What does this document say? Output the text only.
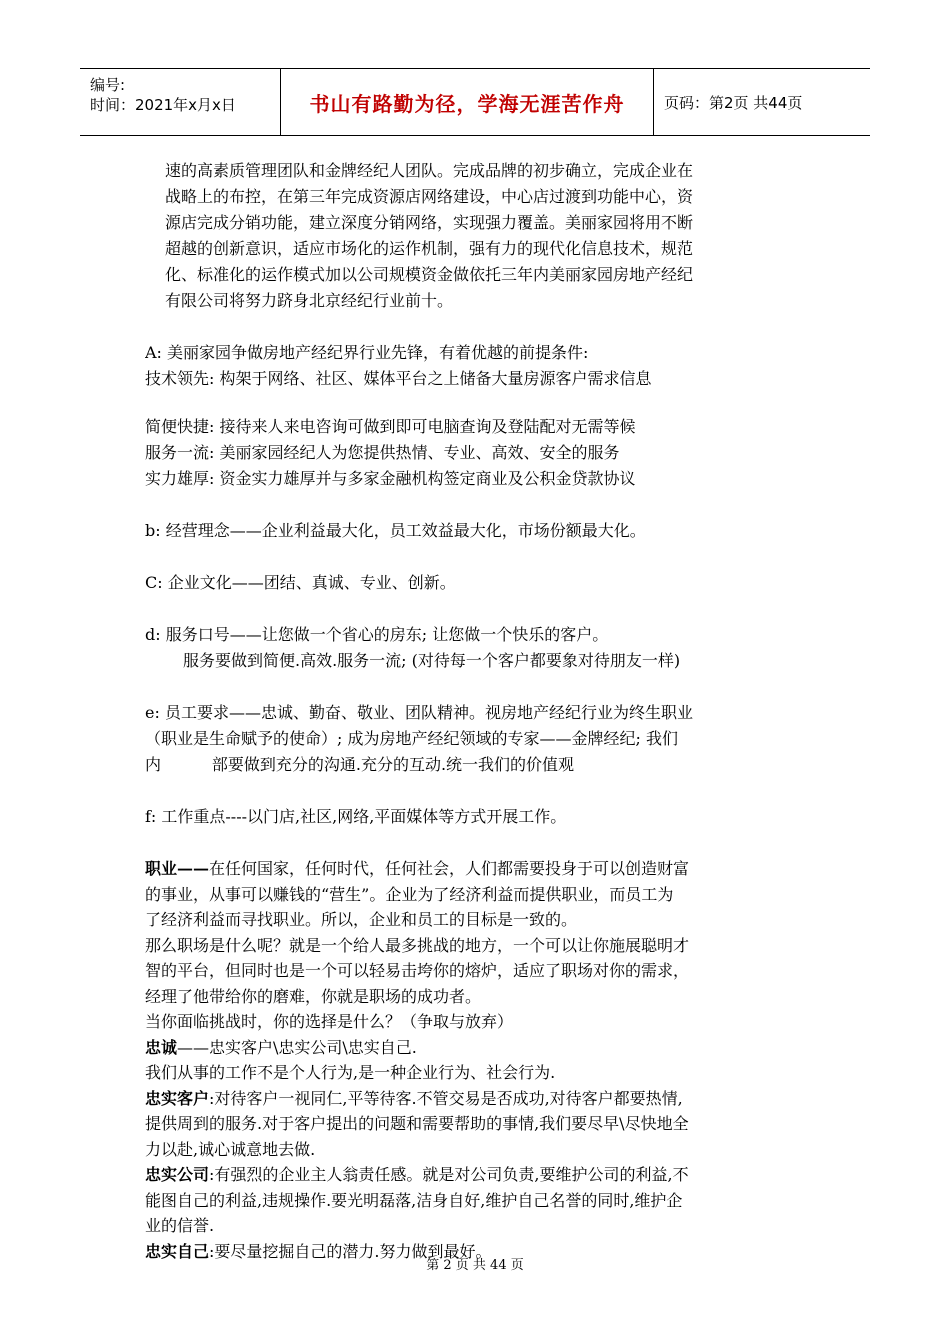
编号:
时间：2021年x月x日	书山有路勤为径，学海无涯苦作舟	页码：第2页 共44页

速的高素质管理团队和金牌经纪人团队。完成品牌的初步确立，完成企业在

战略上的布控，在第三年完成资源店网络建设，中心店过渡到功能中心，资

源店完成分销功能，建立深度分销网络，实现强力覆盖。美丽家园将用不断

超越的创新意识，适应市场化的运作机制，强有力的现代化信息技术，规范

化、标准化的运作模式加以公司规模资金做依托三年内美丽家园房地产经纪

有限公司将努力跻身北京经纪行业前十。

A: 美丽家园争做房地产经纪界行业先锋，有着优越的前提条件:

技术领先: 构架于网络、社区、媒体平台之上储备大量房源客户需求信息

简便快捷: 接待来人来电咨询可做到即可电脑查询及登陆配对无需等候

服务一流: 美丽家园经纪人为您提供热情、专业、高效、安全的服务

实力雄厚: 资金实力雄厚并与多家金融机构签定商业及公积金贷款协议

b: 经营理念——企业利益最大化，员工效益最大化，市场份额最大化。

C: 企业文化——团结、真诚、专业、创新。

d: 服务口号——让您做一个省心的房东; 让您做一个快乐的客户。

服务要做到简便.高效.服务一流; (对待每一个客户都要象对待朋友一样)

e: 员工要求——忠诚、勤奋、敬业、团队精神。视房地产经纪行业为终生职业

（职业是生命赋予的使命）; 成为房地产经纪领域的专家——金牌经纪; 我们

内          部要做到充分的沟通.充分的互动.统一我们的价值观

f: 工作重点----以门店,社区,网络,平面媒体等方式开展工作。

职业——在任何国家，任何时代，任何社会，人们都需要投身于可以创造财富

的事业，从事可以赚钱的“营生”。企业为了经济利益而提供职业，而员工为

了经济利益而寻找职业。所以，企业和员工的目标是一致的。

那么职场是什么呢？就是一个给人最多挑战的地方，一个可以让你施展聪明才

智的平台，但同时也是一个可以轻易击垮你的熔炉，适应了职场对你的需求，

经理了他带给你的磨难，你就是职场的成功者。

当你面临挑战时，你的选择是什么？（争取与放弃）

忠诚——忠实客户\忠实公司\忠实自己.

我们从事的工作不是个人行为,是一种企业行为、社会行为.

忠实客户:对待客户一视同仁,平等待客.不管交易是否成功,对待客户都要热情,

提供周到的服务.对于客户提出的问题和需要帮助的事情,我们要尽早\尽快地全

力以赴,诚心诚意地去做.

忠实公司:有强烈的企业主人翁责任感。就是对公司负责,要维护公司的利益,不

能图自己的利益,违规操作.要光明磊落,洁身自好,维护自己名誉的同时,维护企

业的信誉.

忠实自己:要尽量挖掘自己的潜力.努力做到最好。

第 2 页 共 44 页
